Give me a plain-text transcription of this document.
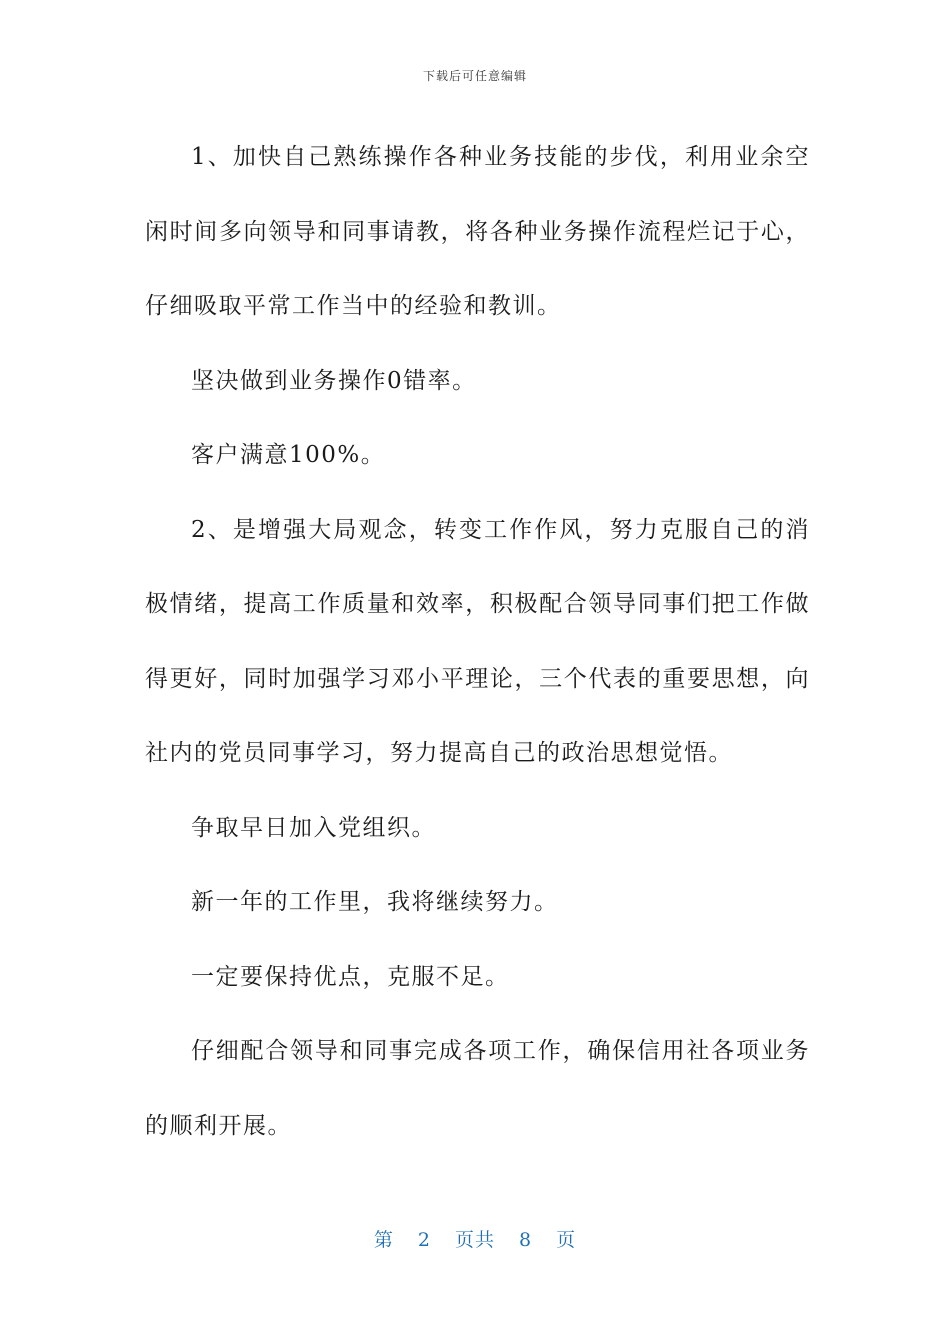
下载后可任意编辑

1、加快自己熟练操作各种业务技能的步伐，利用业余空闲时间多向领导和同事请教，将各种业务操作流程烂记于心，仔细吸取平常工作当中的经验和教训。

坚决做到业务操作0错率。

客户满意100%。

2、是增强大局观念，转变工作作风，努力克服自己的消极情绪，提高工作质量和效率，积极配合领导同事们把工作做得更好，同时加强学习邓小平理论，三个代表的重要思想，向社内的党员同事学习，努力提高自己的政治思想觉悟。

争取早日加入党组织。

新一年的工作里，我将继续努力。

一定要保持优点，克服不足。

仔细配合领导和同事完成各项工作，确保信用社各项业务的顺利开展。

第 2 页共 8 页
